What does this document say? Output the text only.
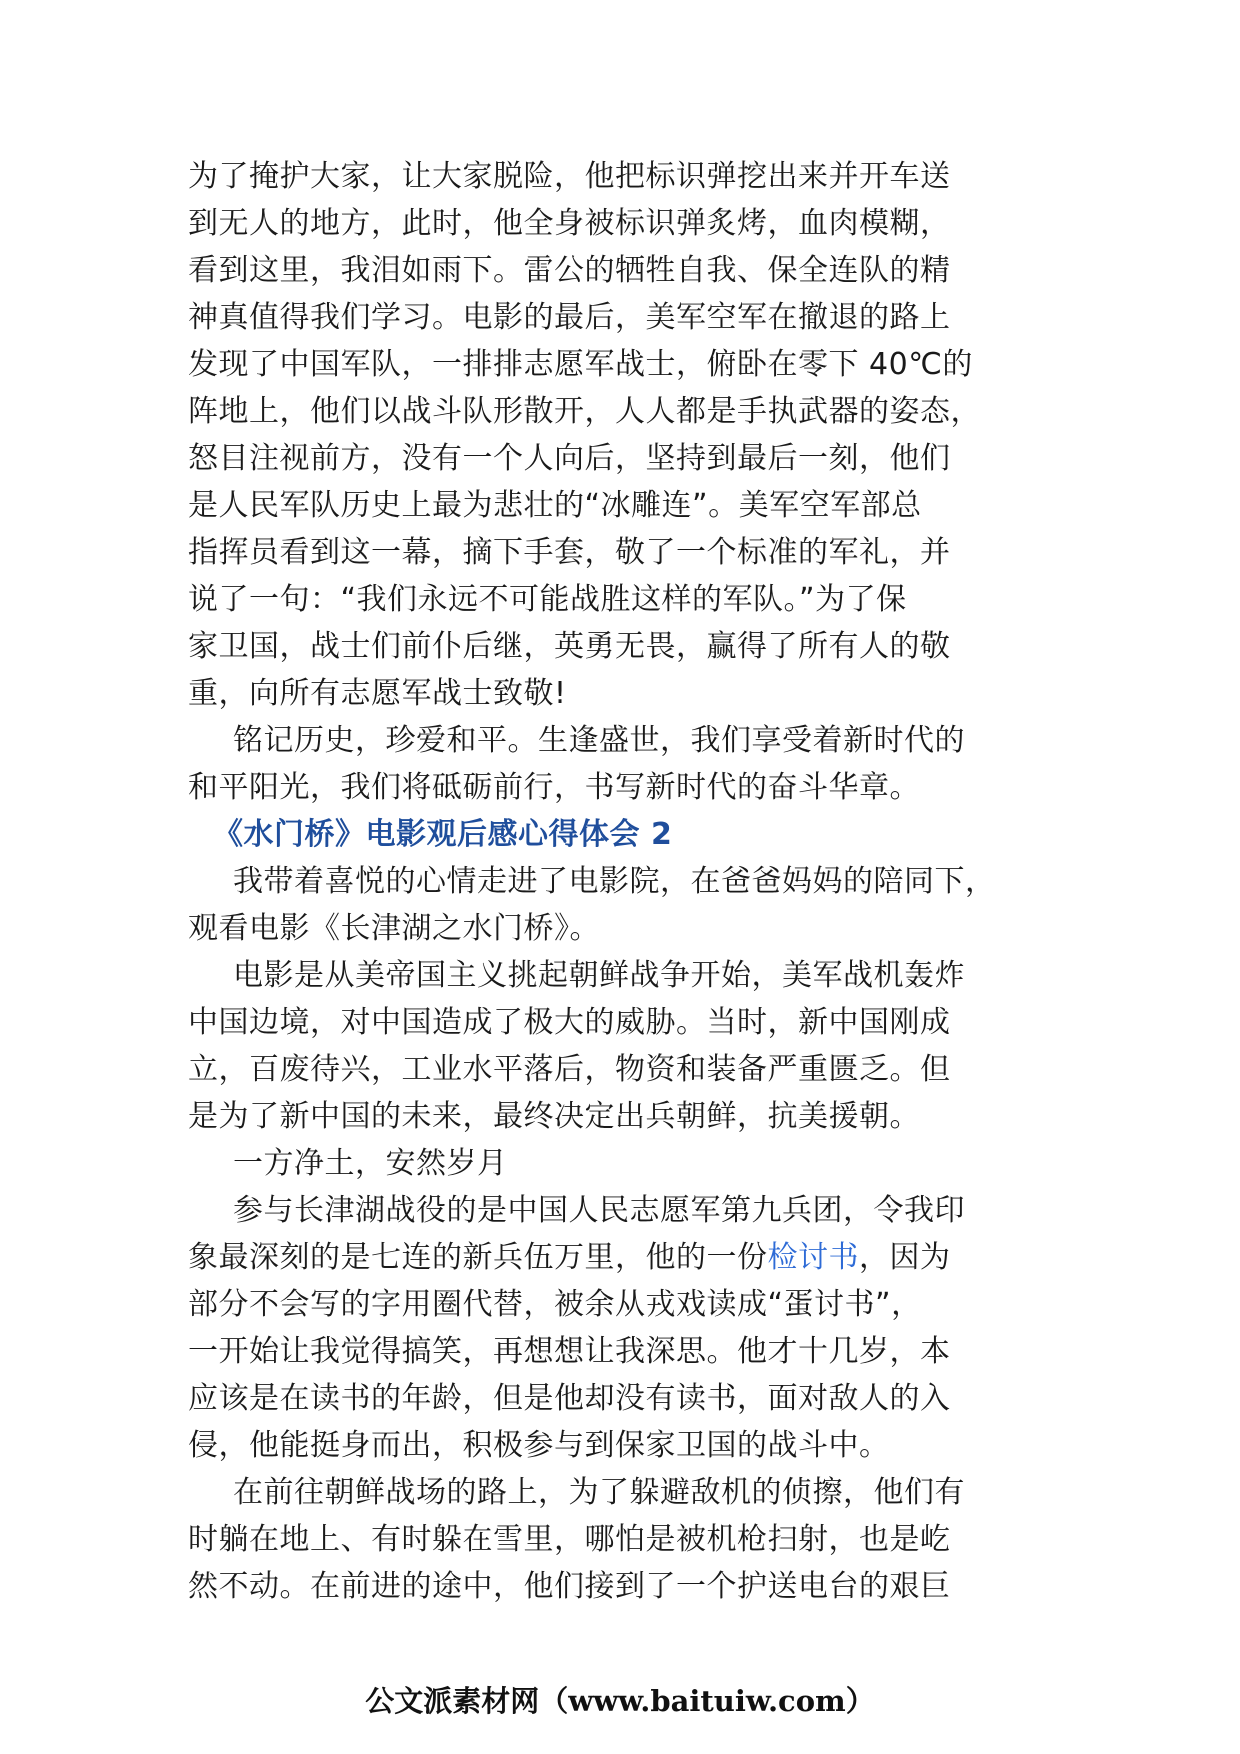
为了掩护大家，让大家脱险，他把标识弹挖出来并开车送
到无人的地方，此时，他全身被标识弹炙烤，血肉模糊，
看到这里，我泪如雨下。雷公的牺牲自我、保全连队的精
神真值得我们学习。电影的最后，美军空军在撤退的路上
发现了中国军队，一排排志愿军战士，俯卧在零下 40℃的
阵地上，他们以战斗队形散开，人人都是手执武器的姿态，
怒目注视前方，没有一个人向后，坚持到最后一刻，他们
是人民军队历史上最为悲壮的“冰雕连”。美军空军部总
指挥员看到这一幕，摘下手套，敬了一个标准的军礼，并
说了一句：“我们永远不可能战胜这样的军队。”为了保
家卫国，战士们前仆后继，英勇无畏，赢得了所有人的敬
重，向所有志愿军战士致敬!
铭记历史，珍爱和平。生逢盛世，我们享受着新时代的
和平阳光，我们将砥砺前行，书写新时代的奋斗华章。
《水门桥》电影观后感心得体会 2
我带着喜悦的心情走进了电影院，在爸爸妈妈的陪同下，
观看电影《长津湖之水门桥》。
电影是从美帝国主义挑起朝鲜战争开始，美军战机轰炸
中国边境，对中国造成了极大的威胁。当时，新中国刚成
立，百废待兴，工业水平落后，物资和装备严重匮乏。但
是为了新中国的未来，最终决定出兵朝鲜，抗美援朝。
一方净土，安然岁月
参与长津湖战役的是中国人民志愿军第九兵团，令我印
象最深刻的是七连的新兵伍万里，他的一份检讨书，因为
部分不会写的字用圈代替，被余从戎戏读成“蛋讨书”，
一开始让我觉得搞笑，再想想让我深思。他才十几岁，本
应该是在读书的年龄，但是他却没有读书，面对敌人的入
侵，他能挺身而出，积极参与到保家卫国的战斗中。
在前往朝鲜战场的路上，为了躲避敌机的侦擦，他们有
时躺在地上、有时躲在雪里，哪怕是被机枪扫射，也是屹
然不动。在前进的途中，他们接到了一个护送电台的艰巨
公文派素材网（www.baituiw.com）
